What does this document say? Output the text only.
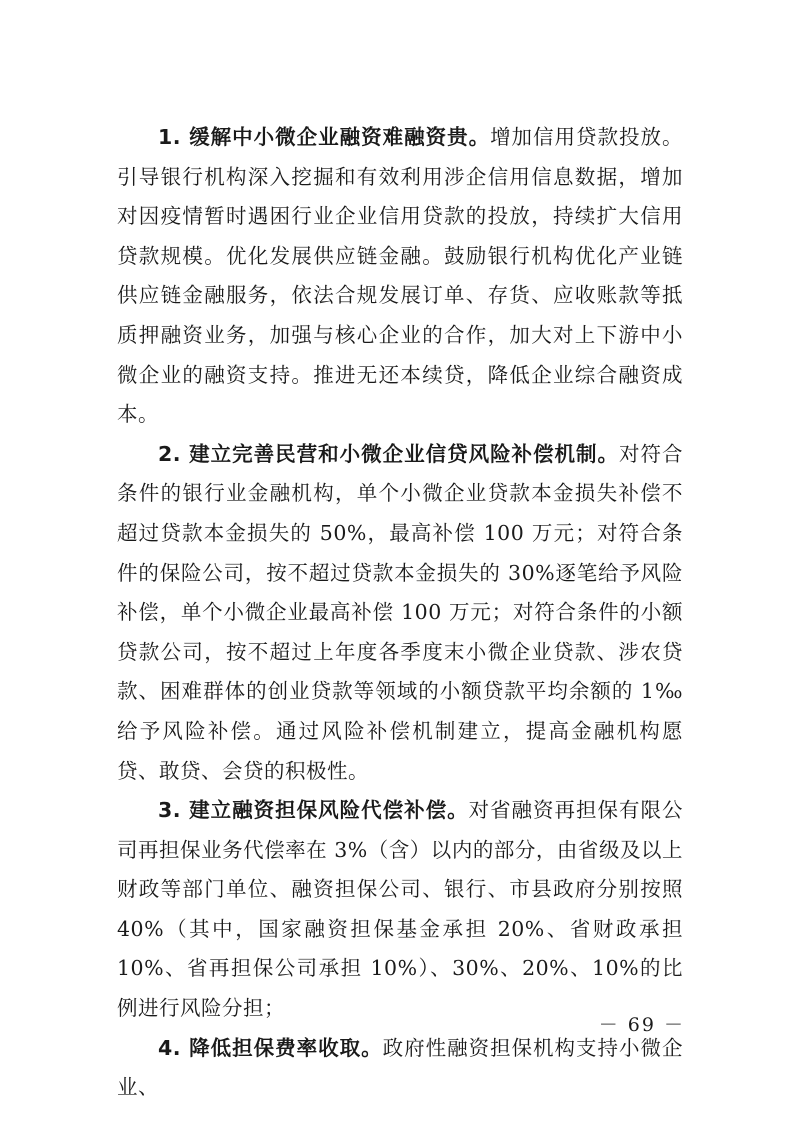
1. 缓解中小微企业融资难融资贵。增加信用贷款投放。引导银行机构深入挖掘和有效利用涉企信用信息数据，增加对因疫情暂时遇困行业企业信用贷款的投放，持续扩大信用贷款规模。优化发展供应链金融。鼓励银行机构优化产业链供应链金融服务，依法合规发展订单、存货、应收账款等抵质押融资业务，加强与核心企业的合作，加大对上下游中小微企业的融资支持。推进无还本续贷，降低企业综合融资成本。

2. 建立完善民营和小微企业信贷风险补偿机制。对符合条件的银行业金融机构，单个小微企业贷款本金损失补偿不超过贷款本金损失的 50%，最高补偿 100 万元；对符合条件的保险公司，按不超过贷款本金损失的 30%逐笔给予风险补偿，单个小微企业最高补偿 100 万元；对符合条件的小额贷款公司，按不超过上年度各季度末小微企业贷款、涉农贷款、困难群体的创业贷款等领域的小额贷款平均余额的 1‰给予风险补偿。通过风险补偿机制建立，提高金融机构愿贷、敢贷、会贷的积极性。

3. 建立融资担保风险代偿补偿。对省融资再担保有限公司再担保业务代偿率在 3%（含）以内的部分，由省级及以上财政等部门单位、融资担保公司、银行、市县政府分别按照 40%（其中，国家融资担保基金承担 20%、省财政承担 10%、省再担保公司承担 10%）、30%、20%、10%的比例进行风险分担；

4. 降低担保费率收取。政府性融资担保机构支持小微企业、

－ 69 －
